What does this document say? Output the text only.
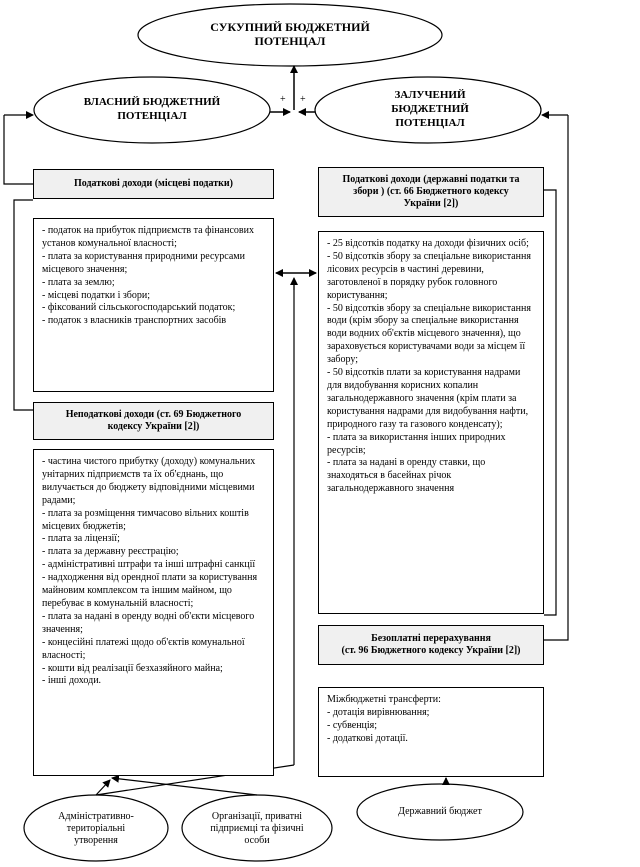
СУКУПНИЙ БЮДЖЕТНИЙ
ПОТЕНЦАЛ
ВЛАСНИЙ БЮДЖЕТНИЙ
ПОТЕНЦІАЛ
ЗАЛУЧЕНИЙ
БЮДЖЕТНИЙ
ПОТЕНЦІАЛ
+ +
Податкові доходи (місцеві податки)
- податок на прибуток підприємств та фінансових установ комунальної власності;
- плата за користування природними ресурсами місцевого значення;
- плата за землю;
- місцеві податки і збори;
- фіксований сільськогосподарський податок;
- податок з власників транспортних засобів
Неподаткові доходи (ст. 69 Бюджетного
кодексу України [2])
- частина чистого прибутку (доходу) комунальних унітарних підприємств та їх об'єднань, що вилучається до бюджету відповідними місцевими радами;
- плата за розміщення тимчасово вільних коштів місцевих бюджетів;
- плата за ліцензії;
- плата за державну реєстрацію;
- адміністративні штрафи та інші штрафні санкції
- надходження від орендної плати за користування майновим комплексом та іншим майном, що перебуває в комунальній власності;
- плата за надані в оренду водні об'єкти місцевого значення;
- концесійні платежі щодо об'єктів комунальної власності;
- кошти від реалізації безхазяйного майна;
- інші доходи.
Податкові доходи (державні податки та
збори ) (ст. 66 Бюджетного кодексу
України [2])
- 25 відсотків податку на доходи фізичних осіб;
- 50 відсотків збору за спеціальне використання лісових ресурсів в частині деревини, заготовленої в порядку рубок головного користування;
- 50 відсотків збору за спеціальне використання води (крім збору за спеціальне використання води водних об'єктів місцевого значення), що зараховується користувачами води за місцем її забору;
- 50 відсотків плати за користування надрами для видобування корисних копалин загальнодержавного значення (крім плати за користування надрами для видобування нафти, природного газу та газового конденсату);
- плата за використання інших природних ресурсів;
- плата за надані в оренду ставки, що знаходяться в басейнах річок загальнодержавного значення
Безоплатні перерахування
(ст. 96 Бюджетного кодексу України [2])
Міжбюджетні трансферти:
- дотація вирівнювання;
- субвенція;
- додаткові дотації.
Адміністративно-
територіальні
утворення
Організації, приватні
підприємці та фізичні
особи
Державний бюджет
